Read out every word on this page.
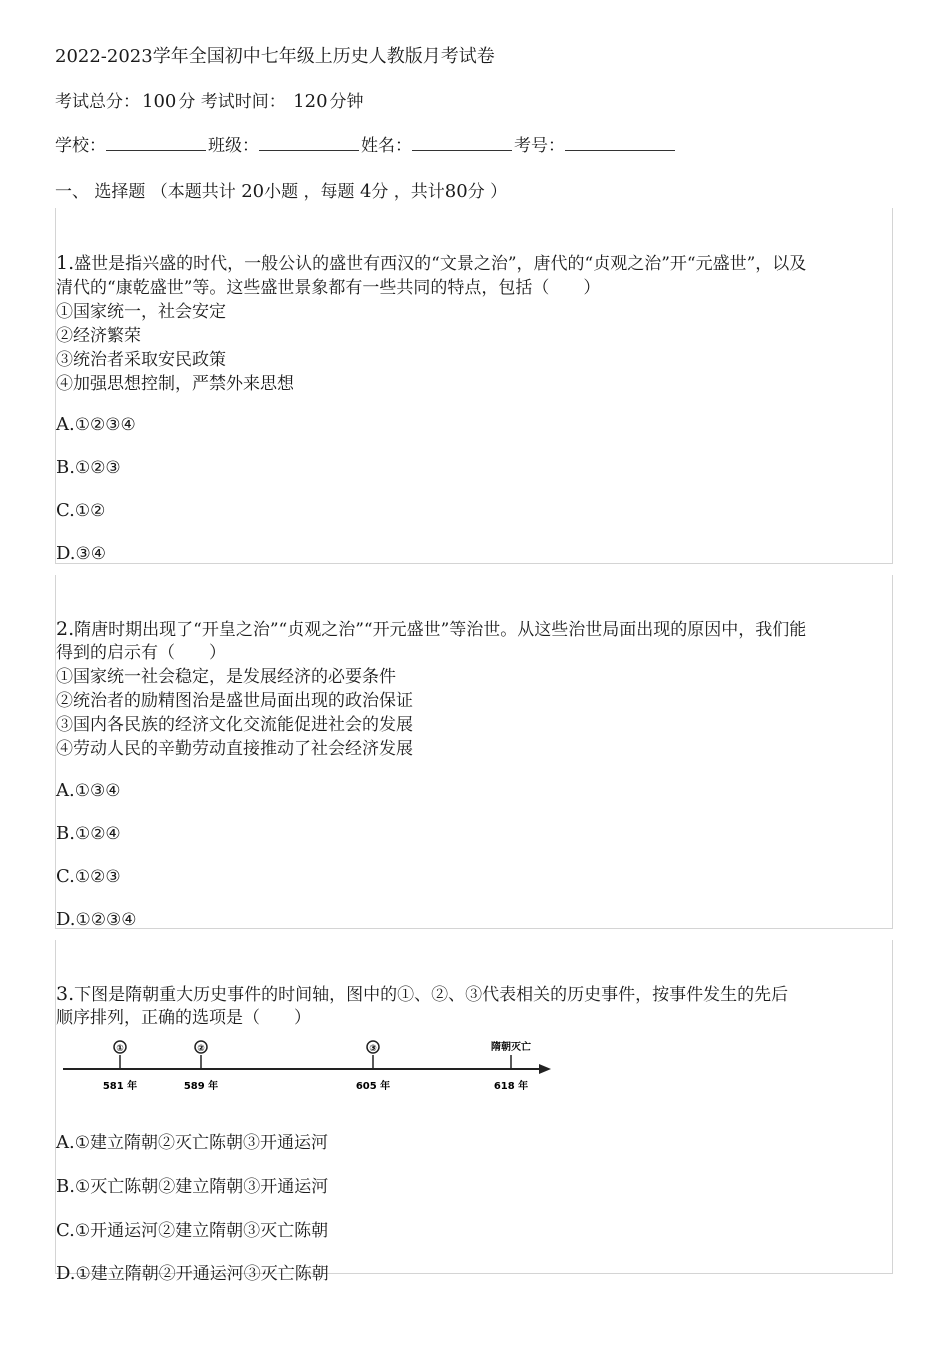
2022-2023学年全国初中七年级上历史人教版月考试卷
考试总分： 100 分 考试时间： 120 分钟
学校：	班级：	姓名：	考号：
一、 选择题 （本题共计 20小题 ，每题 4分 ，共计80分 ）
1.盛世是指兴盛的时代，一般公认的盛世有西汉的“文景之治”，唐代的“贞观之治”开“元盛世”，以及
清代的“康乾盛世”等。这些盛世景象都有一些共同的特点，包括（　　）
①国家统一，社会安定
②经济繁荣
③统治者采取安民政策
④加强思想控制，严禁外来思想
A.①②③④
B.①②③
C.①②
D.③④
2.隋唐时期出现了“开皇之治”“贞观之治”“开元盛世”等治世。从这些治世局面出现的原因中，我们能
得到的启示有（　　）
①国家统一社会稳定，是发展经济的必要条件
②统治者的励精图治是盛世局面出现的政治保证
③国内各民族的经济文化交流能促进社会的发展
④劳动人民的辛勤劳动直接推动了社会经济发展
A.①③④
B.①②④
C.①②③
D.①②③④
3.下图是隋朝重大历史事件的时间轴，图中的①、②、③代表相关的历史事件，按事件发生的先后
顺序排列，正确的选项是（　　）
①
581 年
②
589 年
③
605 年
隋朝灭亡
618 年
A.①建立隋朝②灭亡陈朝③开通运河
B.①灭亡陈朝②建立隋朝③开通运河
C.①开通运河②建立隋朝③灭亡陈朝
D.①建立隋朝②开通运河③灭亡陈朝
